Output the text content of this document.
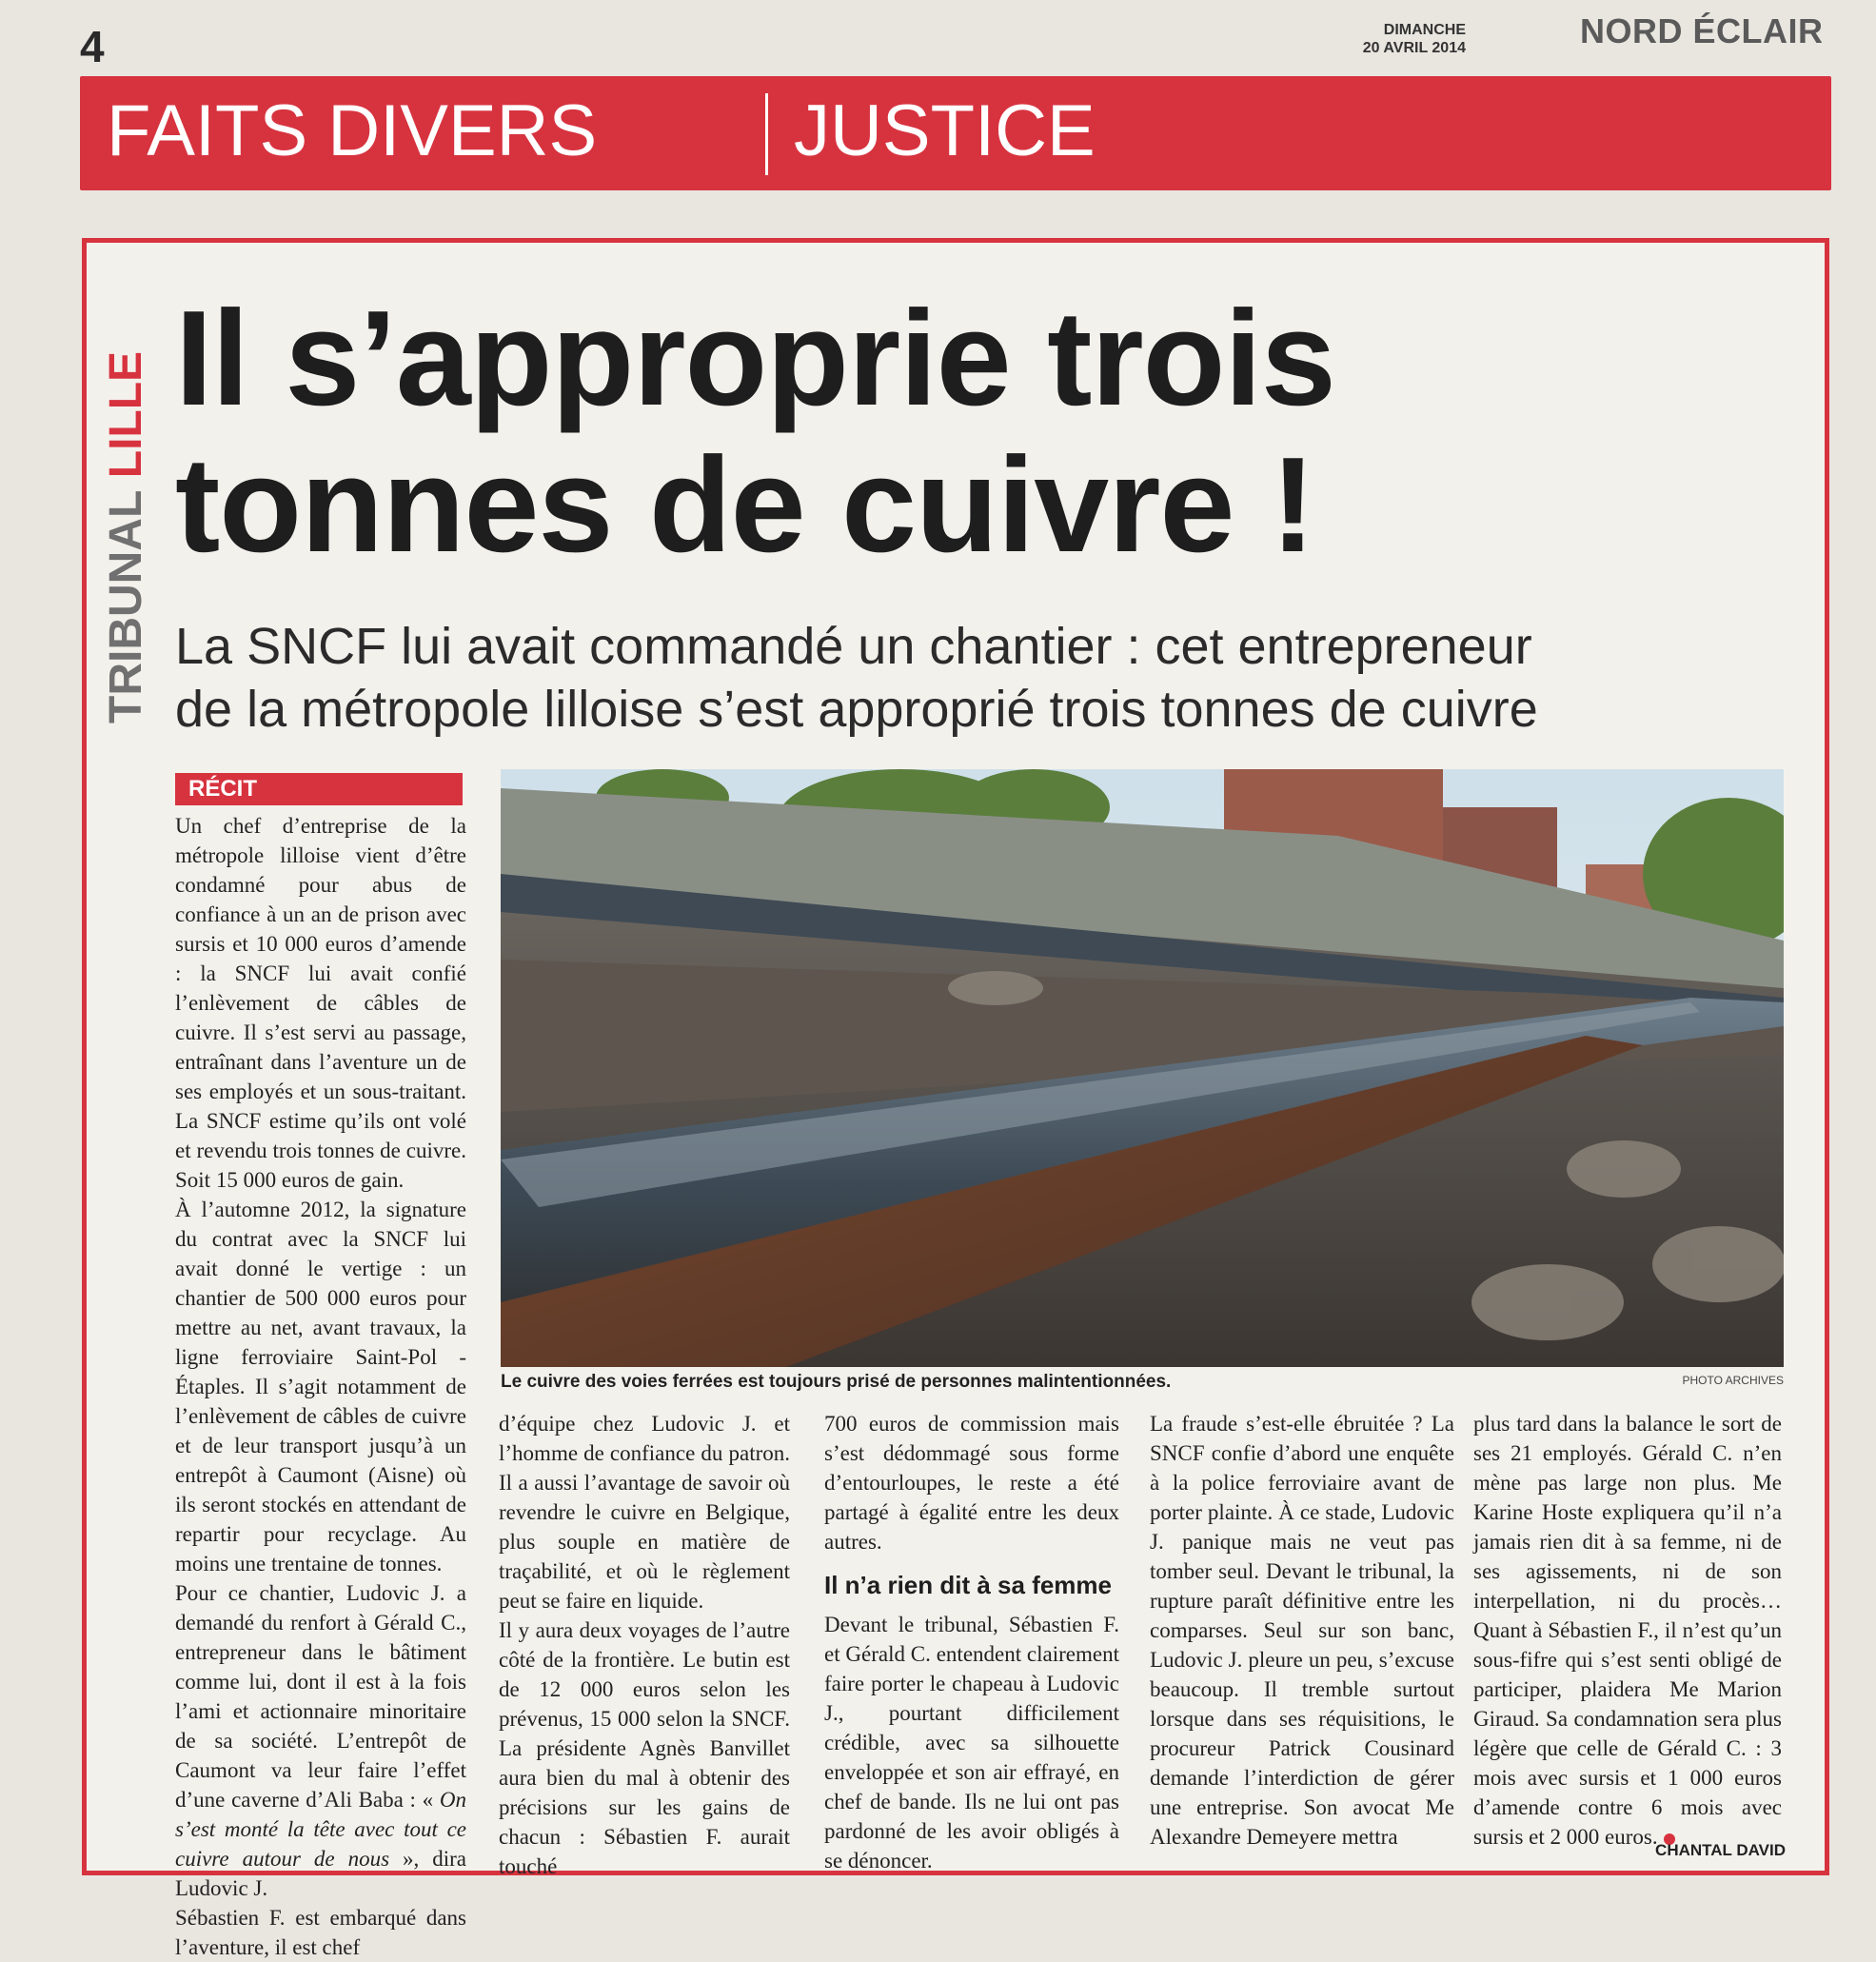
4	DIMANCHE
20 AVRIL 2014	NORD ÉCLAIR
FAITS DIVERS	JUSTICE
TRIBUNAL LILLE Il s’approprie trois
tonnes de cuivre !
La SNCF lui avait commandé un chantier : cet entrepreneur
de la métropole lilloise s’est approprié trois tonnes de cuivre
RÉCIT

Un chef d’entreprise de la métropole lilloise vient d’être condamné pour abus de confiance à un an de prison avec sursis et 10 000 euros d’amende : la SNCF lui avait confié l’enlèvement de câbles de cuivre. Il s’est servi au passage, entraînant dans l’aventure un de ses employés et un sous-traitant. La SNCF estime qu’ils ont volé et revendu trois tonnes de cuivre. Soit 15 000 euros de gain.

À l’automne 2012, la signature du contrat avec la SNCF lui avait donné le vertige : un chantier de 500 000 euros pour mettre au net, avant travaux, la ligne ferroviaire Saint-Pol - Étaples. Il s’agit notamment de l’enlèvement de câbles de cuivre et de leur transport jusqu’à un entrepôt à Caumont (Aisne) où ils seront stockés en attendant de repartir pour recyclage. Au moins une trentaine de tonnes.

Pour ce chantier, Ludovic J. a demandé du renfort à Gérald C., entrepreneur dans le bâtiment comme lui, dont il est à la fois l’ami et actionnaire minoritaire de sa société. L’entrepôt de Caumont va leur faire l’effet d’une caverne d’Ali Baba : « On s’est monté la tête avec tout ce cuivre autour de nous », dira Ludovic J.

Sébastien F. est embarqué dans l’aventure, il est chef

Le cuivre des voies ferrées est toujours prisé de personnes malintentionnées.	PHOTO ARCHIVES

d’équipe chez Ludovic J. et l’homme de confiance du patron. Il a aussi l’avantage de savoir où revendre le cuivre en Belgique, plus souple en matière de traçabilité, et où le règlement peut se faire en liquide.

Il y aura deux voyages de l’autre côté de la frontière. Le butin est de 12 000 euros selon les prévenus, 15 000 selon la SNCF. La présidente Agnès Banvillet aura bien du mal à obtenir des précisions sur les gains de chacun : Sébastien F. aurait touché

700 euros de commission mais s’est dédommagé sous forme d’entourloupes, le reste a été partagé à égalité entre les deux autres.

Il n’a rien dit à sa femme

Devant le tribunal, Sébastien F. et Gérald C. entendent clairement faire porter le chapeau à Ludovic J., pourtant difficilement crédible, avec sa silhouette enveloppée et son air effrayé, en chef de bande. Ils ne lui ont pas pardonné de les avoir obligés à se dénoncer.

La fraude s’est-elle ébruitée ? La SNCF confie d’abord une enquête à la police ferroviaire avant de porter plainte. À ce stade, Ludovic J. panique mais ne veut pas tomber seul. Devant le tribunal, la rupture paraît définitive entre les comparses. Seul sur son banc, Ludovic J. pleure un peu, s’excuse beaucoup. Il tremble surtout lorsque dans ses réquisitions, le procureur Patrick Cousinard demande l’interdiction de gérer une entreprise. Son avocat Me Alexandre Demeyere mettra

plus tard dans la balance le sort de ses 21 employés. Gérald C. n’en mène pas large non plus. Me Karine Hoste expliquera qu’il n’a jamais rien dit à sa femme, ni de ses agissements, ni de son interpellation, ni du procès… Quant à Sébastien F., il n’est qu’un sous-fifre qui s’est senti obligé de participer, plaidera Me Marion Giraud. Sa condamnation sera plus légère que celle de Gérald C. : 3 mois avec sursis et 1 000 euros d’amende contre 6 mois avec sursis et 2 000 euros.

CHANTAL DAVID
